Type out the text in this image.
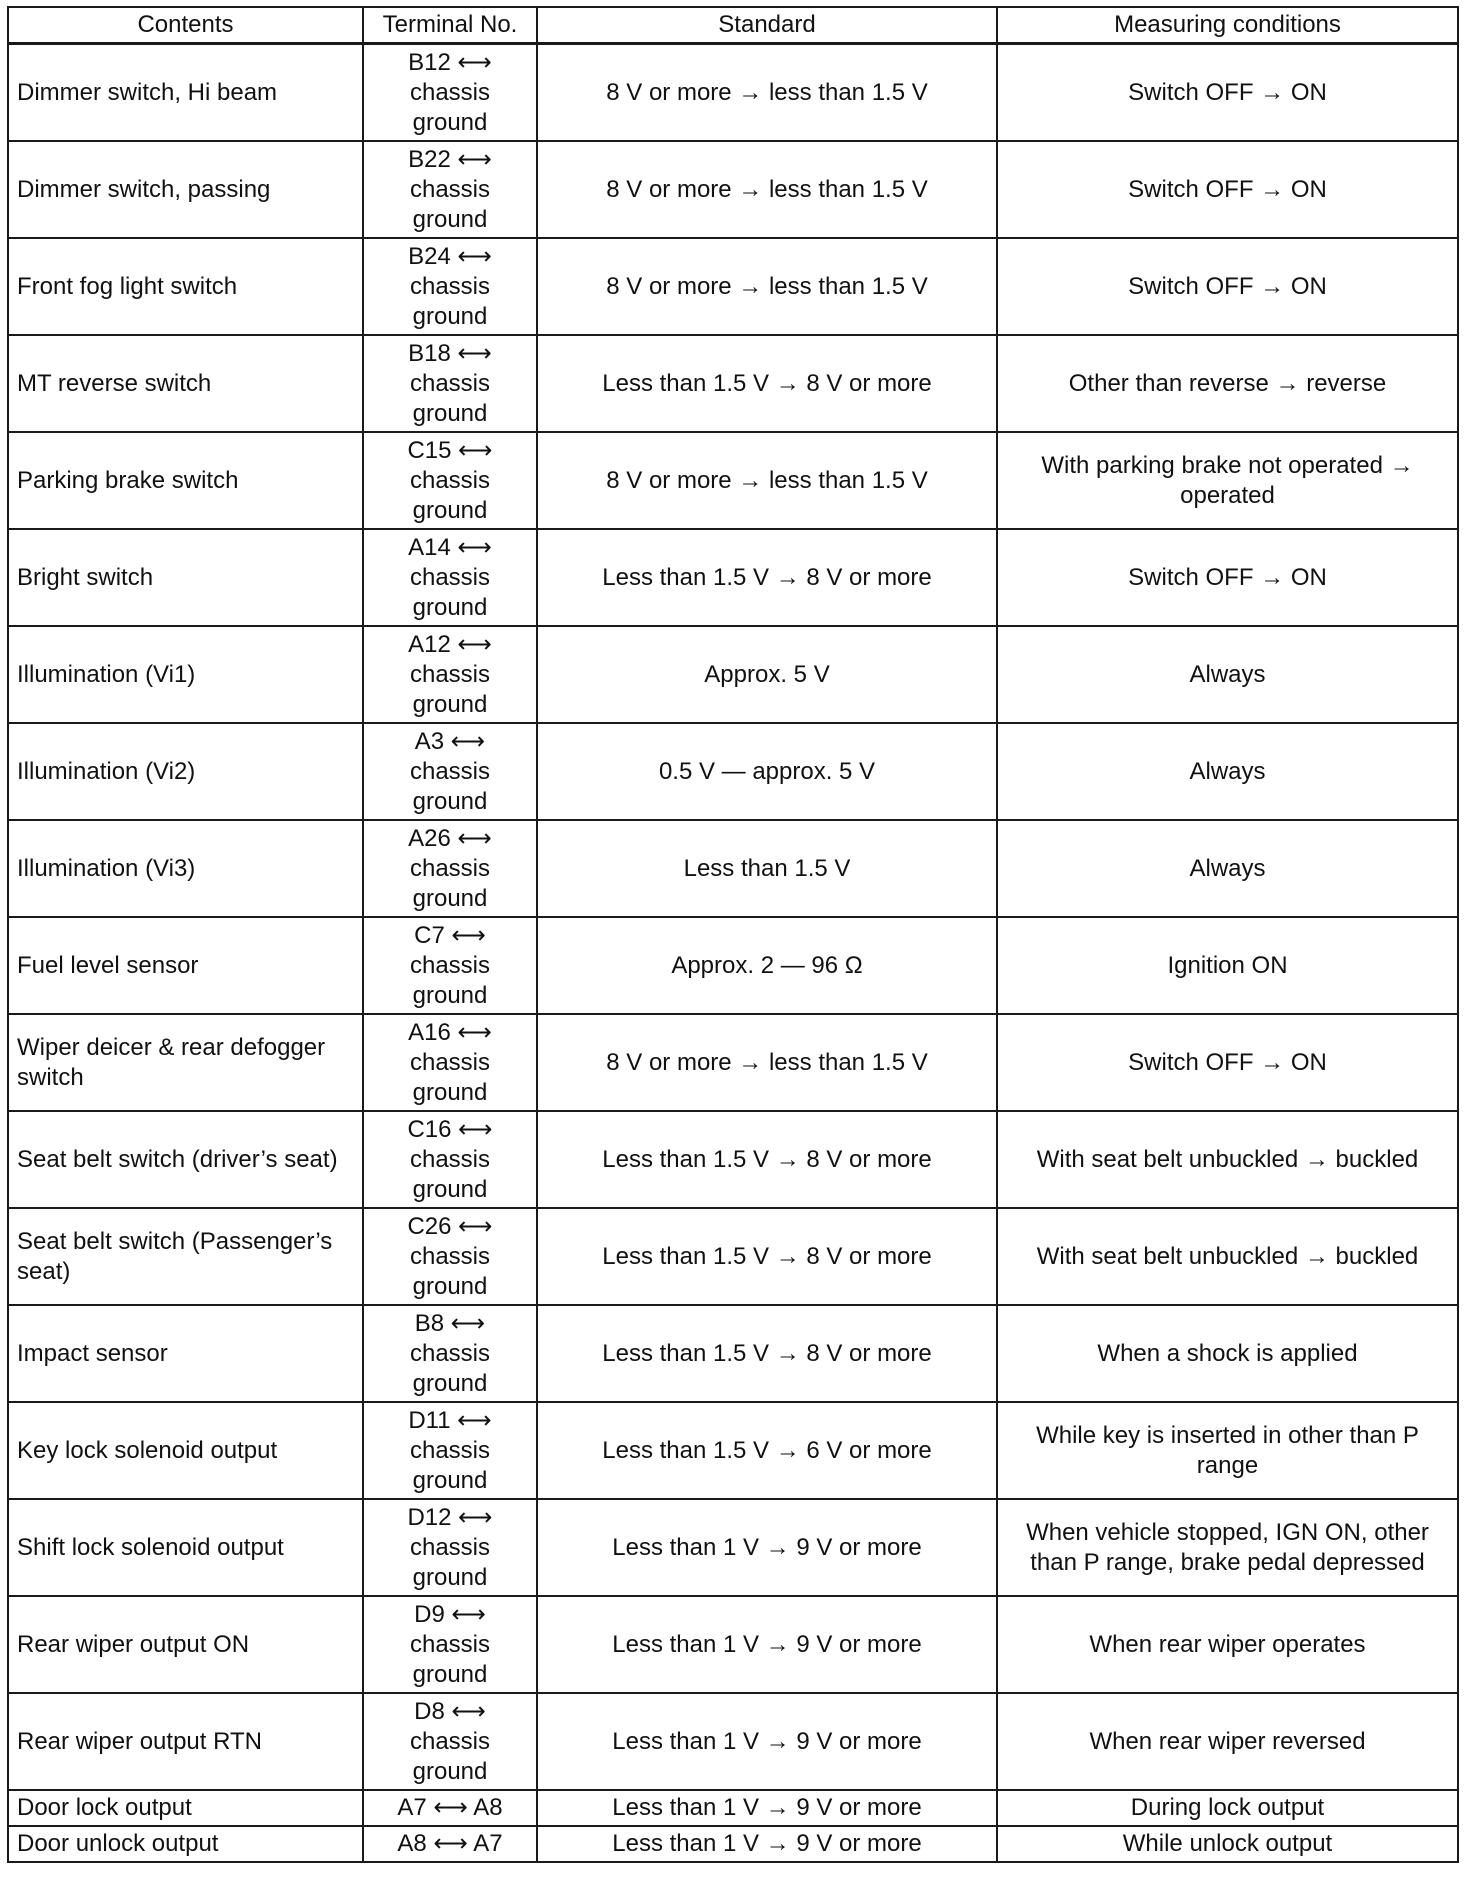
Contents	Terminal No.	Standard	Measuring conditions
Dimmer switch, Hi beam	B12 ⟷
chassis
ground	8 V or more → less than 1.5 V	Switch OFF → ON
Dimmer switch, passing	B22 ⟷
chassis
ground	8 V or more → less than 1.5 V	Switch OFF → ON
Front fog light switch	B24 ⟷
chassis
ground	8 V or more → less than 1.5 V	Switch OFF → ON
MT reverse switch	B18 ⟷
chassis
ground	Less than 1.5 V → 8 V or more	Other than reverse → reverse
Parking brake switch	C15 ⟷
chassis
ground	8 V or more → less than 1.5 V	With parking brake not operated → operated
Bright switch	A14 ⟷
chassis
ground	Less than 1.5 V → 8 V or more	Switch OFF → ON
Illumination (Vi1)	A12 ⟷
chassis
ground	Approx. 5 V	Always
Illumination (Vi2)	A3 ⟷
chassis
ground	0.5 V — approx. 5 V	Always
Illumination (Vi3)	A26 ⟷
chassis
ground	Less than 1.5 V	Always
Fuel level sensor	C7 ⟷
chassis
ground	Approx. 2 — 96 Ω	Ignition ON
Wiper deicer & rear defogger switch	A16 ⟷
chassis
ground	8 V or more → less than 1.5 V	Switch OFF → ON
Seat belt switch (driver’s seat)	C16 ⟷
chassis
ground	Less than 1.5 V → 8 V or more	With seat belt unbuckled → buckled
Seat belt switch (Passenger’s seat)	C26 ⟷
chassis
ground	Less than 1.5 V → 8 V or more	With seat belt unbuckled → buckled
Impact sensor	B8 ⟷
chassis
ground	Less than 1.5 V → 8 V or more	When a shock is applied
Key lock solenoid output	D11 ⟷
chassis
ground	Less than 1.5 V → 6 V or more	While key is inserted in other than P range
Shift lock solenoid output	D12 ⟷
chassis
ground	Less than 1 V → 9 V or more	When vehicle stopped, IGN ON, other than P range, brake pedal depressed
Rear wiper output ON	D9 ⟷
chassis
ground	Less than 1 V → 9 V or more	When rear wiper operates
Rear wiper output RTN	D8 ⟷
chassis
ground	Less than 1 V → 9 V or more	When rear wiper reversed
Door lock output	A7 ⟷ A8	Less than 1 V → 9 V or more	During lock output
Door unlock output	A8 ⟷ A7	Less than 1 V → 9 V or more	While unlock output
